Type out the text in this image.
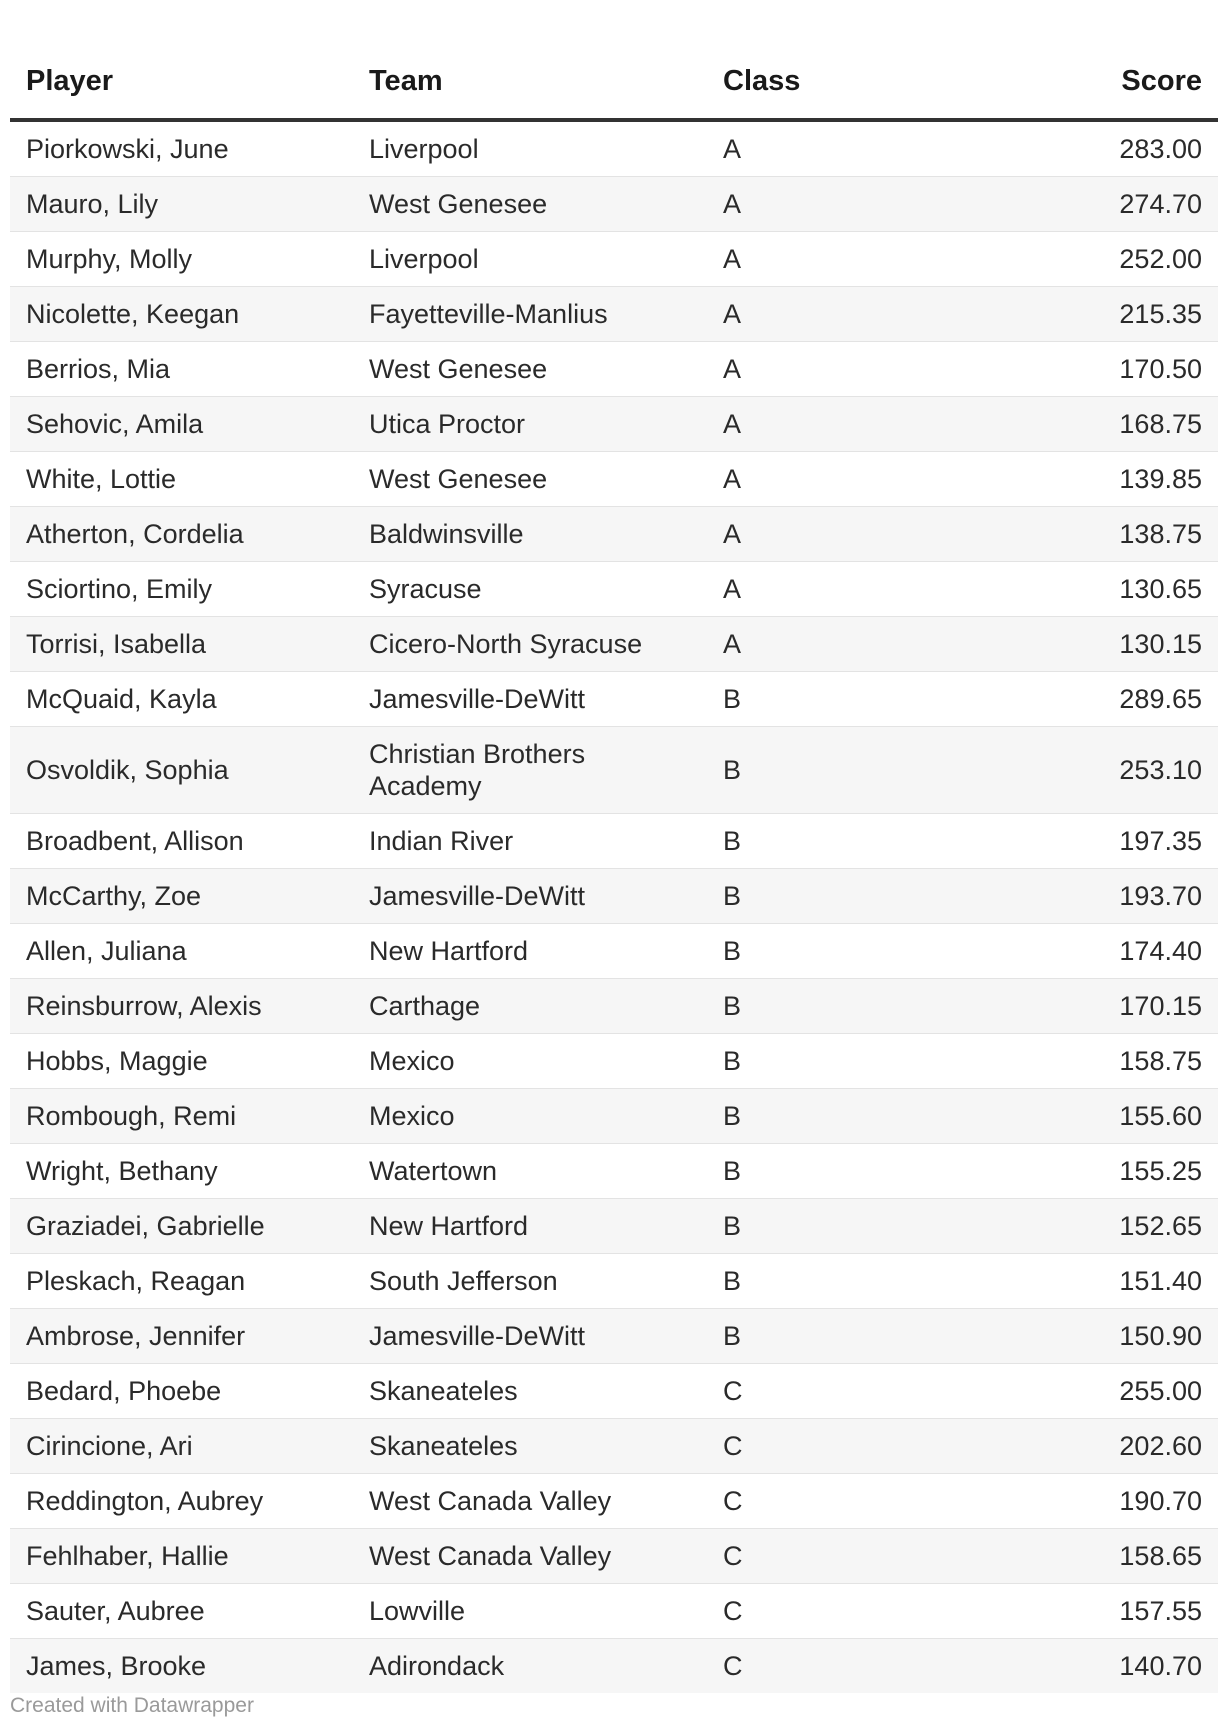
Player	Team	Class	Score
Piorkowski, June	Liverpool	A	283.00
Mauro, Lily	West Genesee	A	274.70
Murphy, Molly	Liverpool	A	252.00
Nicolette, Keegan	Fayetteville-Manlius	A	215.35
Berrios, Mia	West Genesee	A	170.50
Sehovic, Amila	Utica Proctor	A	168.75
White, Lottie	West Genesee	A	139.85
Atherton, Cordelia	Baldwinsville	A	138.75
Sciortino, Emily	Syracuse	A	130.65
Torrisi, Isabella	Cicero-North Syracuse	A	130.15
McQuaid, Kayla	Jamesville-DeWitt	B	289.65
Osvoldik, Sophia	Christian Brothers Academy	B	253.10
Broadbent, Allison	Indian River	B	197.35
McCarthy, Zoe	Jamesville-DeWitt	B	193.70
Allen, Juliana	New Hartford	B	174.40
Reinsburrow, Alexis	Carthage	B	170.15
Hobbs, Maggie	Mexico	B	158.75
Rombough, Remi	Mexico	B	155.60
Wright, Bethany	Watertown	B	155.25
Graziadei, Gabrielle	New Hartford	B	152.65
Pleskach, Reagan	South Jefferson	B	151.40
Ambrose, Jennifer	Jamesville-DeWitt	B	150.90
Bedard, Phoebe	Skaneateles	C	255.00
Cirincione, Ari	Skaneateles	C	202.60
Reddington, Aubrey	West Canada Valley	C	190.70
Fehlhaber, Hallie	West Canada Valley	C	158.65
Sauter, Aubree	Lowville	C	157.55
James, Brooke	Adirondack	C	140.70
Created with Datawrapper
